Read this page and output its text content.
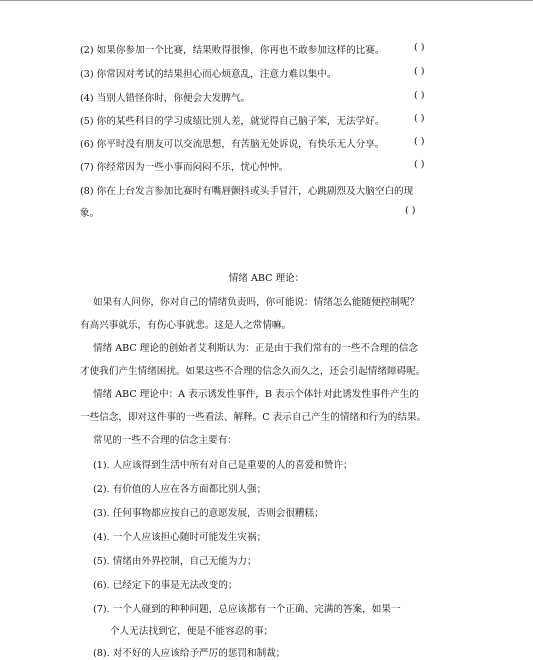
(2) 如果你参加一个比赛，结果败得很惨，你再也不敢参加这样的比赛。	( )
(3) 你常因对考试的结果担心而心烦意乱，注意力难以集中。	( )
(4) 当别人错怪你时，你便会大发脾气。	( )
(5) 你的某些科目的学习成绩比别人差，就觉得自己脑子笨，无法学好。	( )
(6) 你平时没有朋友可以交流思想，有苦脑无处诉说，有快乐无人分享。	( )
(7) 你经常因为一些小事而闷闷不乐，忧心忡忡。	( )
(8) 你在上台发言参加比赛时有嘴唇颤抖或头手冒汗，心跳剧烈及大脑空白的现
象。	( )
情绪 ABC 理论：
如果有人问你，你对自己的情绪负责吗，你可能说：情绪怎么能随便控制呢？
有高兴事就乐，有伤心事就悲。这是人之常情嘛。
情绪 ABC 理论的创始者艾利斯认为：正是由于我们常有的一些不合理的信念
才使我们产生情绪困扰。如果这些不合理的信念久而久之，还会引起情绪障碍呢。
情绪 ABC 理论中：A 表示诱发性事件，B 表示个体针对此诱发性事件产生的
一些信念，即对这件事的一些看法、解释。C 表示自己产生的情绪和行为的结果。
常见的一些不合理的信念主要有：
(1). 人应该得到生活中所有对自己是重要的人的喜爱和赞许；
(2). 有价值的人应在各方面都比别人强；
(3). 任何事物都应按自己的意愿发展，否则会很糟糕；
(4). 一个人应该担心随时可能发生灾祸；
(5). 情绪由外界控制，自己无能为力；
(6). 已经定下的事是无法改变的；
(7). 一个人碰到的种种问题，总应该都有一个正确、完满的答案，如果一
个人无法找到它，便是不能容忍的事；
(8). 对不好的人应该给予严厉的惩罚和制裁；
